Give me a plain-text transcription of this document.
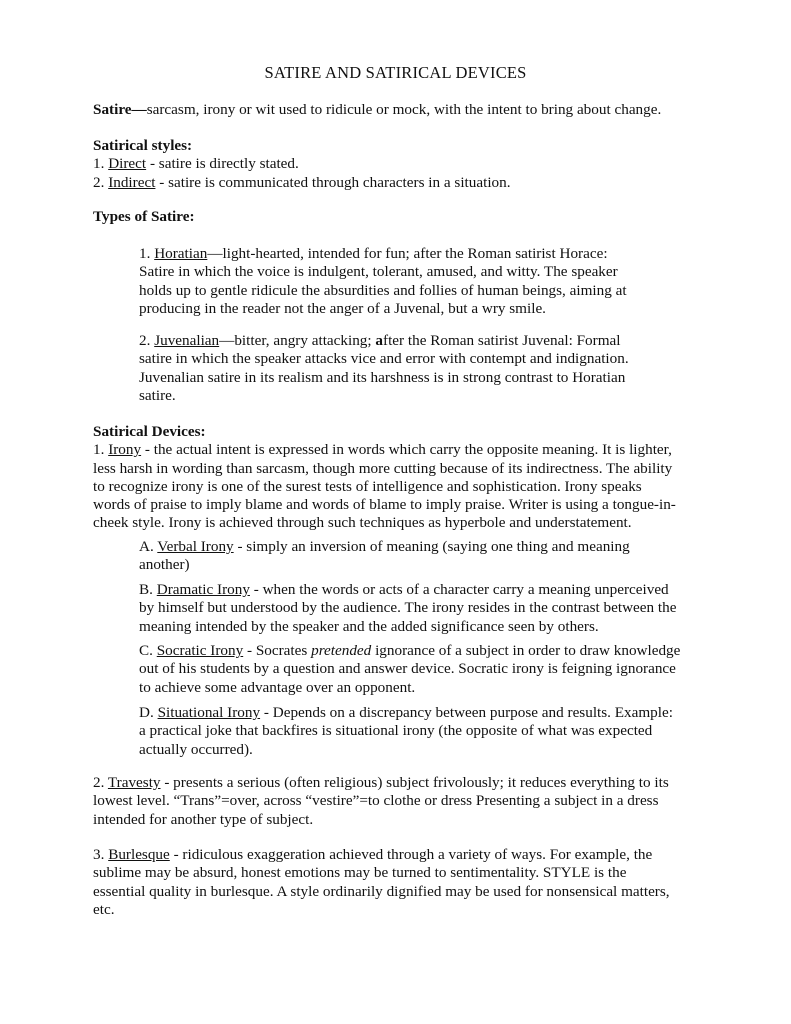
SATIRE AND SATIRICAL DEVICES

Satire—sarcasm, irony or wit used to ridicule or mock, with the intent to bring about change.

Satirical styles:
1. Direct - satire is directly stated.
2. Indirect - satire is communicated through characters in a situation.
Types of Satire:
1. Horatian—light-hearted, intended for fun; after the Roman satirist Horace:
Satire in which the voice is indulgent, tolerant, amused, and witty. The speaker
holds up to gentle ridicule the absurdities and follies of human beings, aiming at
producing in the reader not the anger of a Juvenal, but a wry smile.
2. Juvenalian—bitter, angry attacking; after the Roman satirist Juvenal: Formal
satire in which the speaker attacks vice and error with contempt and indignation.
Juvenalian satire in its realism and its harshness is in strong contrast to Horatian
satire.
Satirical Devices:
1. Irony - the actual intent is expressed in words which carry the opposite meaning. It is lighter,
less harsh in wording than sarcasm, though more cutting because of its indirectness. The ability
to recognize irony is one of the surest tests of intelligence and sophistication. Irony speaks
words of praise to imply blame and words of blame to imply praise. Writer is using a tongue-in-
cheek style. Irony is achieved through such techniques as hyperbole and understatement.
A. Verbal Irony - simply an inversion of meaning (saying one thing and meaning
another)
B. Dramatic Irony - when the words or acts of a character carry a meaning unperceived
by himself but understood by the audience. The irony resides in the contrast between the
meaning intended by the speaker and the added significance seen by others.
C. Socratic Irony - Socrates pretended ignorance of a subject in order to draw knowledge
out of his students by a question and answer device. Socratic irony is feigning ignorance
to achieve some advantage over an opponent.
D. Situational Irony - Depends on a discrepancy between purpose and results. Example:
a practical joke that backfires is situational irony (the opposite of what was expected
actually occurred).
2. Travesty - presents a serious (often religious) subject frivolously; it reduces everything to its
lowest level. “Trans”=over, across “vestire”=to clothe or dress Presenting a subject in a dress
intended for another type of subject.
3. Burlesque - ridiculous exaggeration achieved through a variety of ways. For example, the
sublime may be absurd, honest emotions may be turned to sentimentality. STYLE is the
essential quality in burlesque. A style ordinarily dignified may be used for nonsensical matters,
etc.
